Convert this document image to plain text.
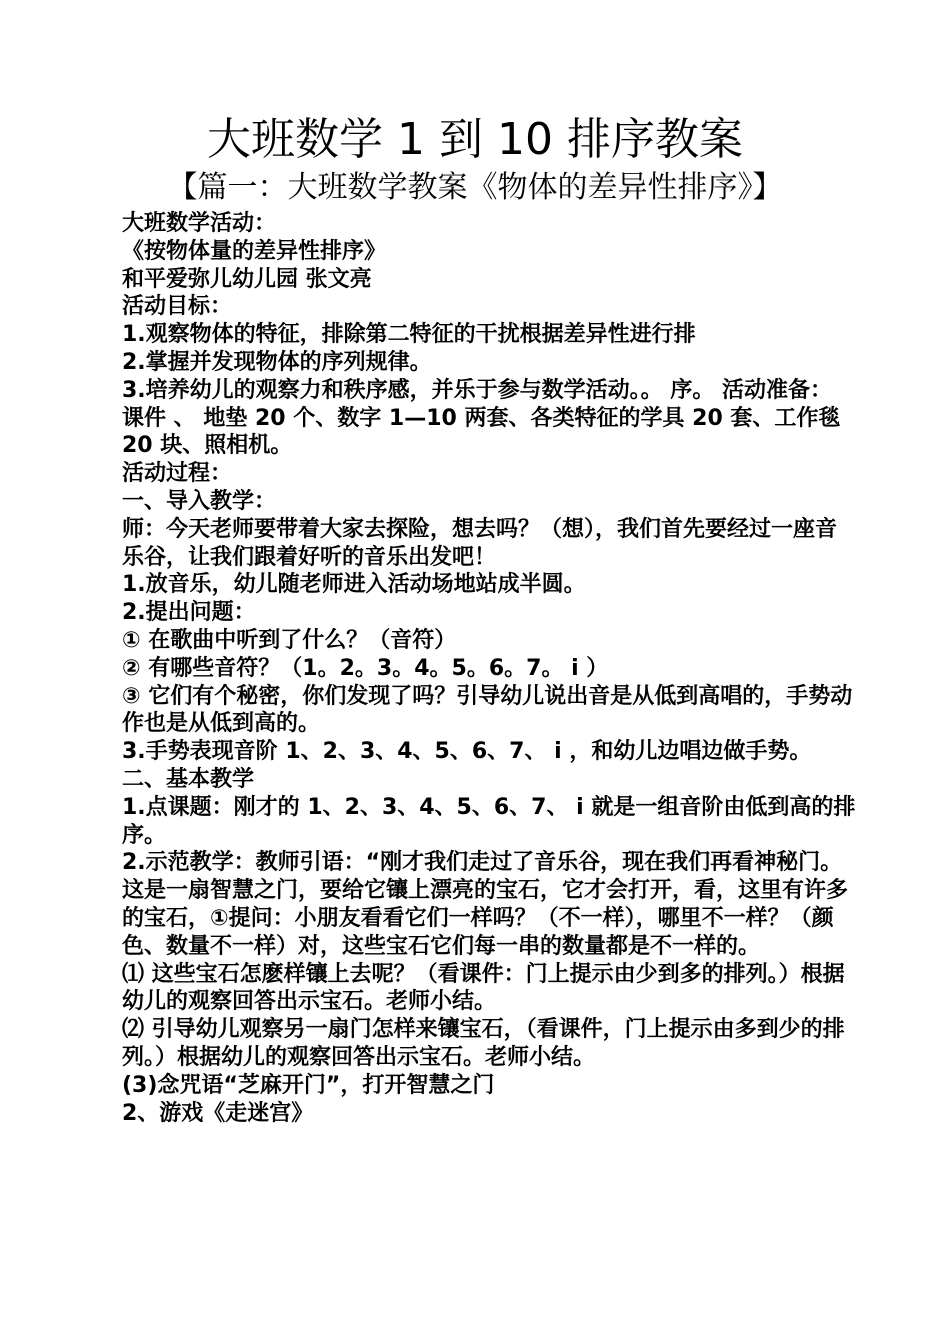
大班数学 1 到 10 排序教案
【篇一：大班数学教案《物体的差异性排序》】

大班数学活动：

《按物体量的差异性排序》

和平爱弥儿幼儿园 张文亮

活动目标：

1.观察物体的特征，排除第二特征的干扰根据差异性进行排

2.掌握并发现物体的序列规律。

3.培养幼儿的观察力和秩序感，并乐于参与数学活动。。 序。 活动准备：

课件 、 地垫 20 个、数字 1—10 两套、各类特征的学具 20 套、工作毯 20 块、照相机。

活动过程：

一、导入教学：

师：今天老师要带着大家去探险，想去吗？（想），我们首先要经过一座音乐谷，让我们跟着好听的音乐出发吧！

1.放音乐，幼儿随老师进入活动场地站成半圆。

2.提出问题：

① 在歌曲中听到了什么？（音符）

② 有哪些音符？（1。2。3。4。5。6。7。 i ）

③ 它们有个秘密，你们发现了吗？引导幼儿说出音是从低到高唱的，手势动作也是从低到高的。

3.手势表现音阶 1、2、3、4、5、6、7、 i ，和幼儿边唱边做手势。

二、基本教学

1.点课题：刚才的 1、2、3、4、5、6、7、 i 就是一组音阶由低到高的排序。

2.示范教学：教师引语：“刚才我们走过了音乐谷，现在我们再看神秘门。这是一扇智慧之门，要给它镶上漂亮的宝石，它才会打开，看，这里有许多的宝石，①提问：小朋友看看它们一样吗？（不一样），哪里不一样？（颜色、数量不一样）对，这些宝石它们每一串的数量都是不一样的。

⑴ 这些宝石怎麽样镶上去呢？（看课件：门上提示由少到多的排列。）根据幼儿的观察回答出示宝石。老师小结。

⑵ 引导幼儿观察另一扇门怎样来镶宝石，（看课件，门上提示由多到少的排列。）根据幼儿的观察回答出示宝石。老师小结。

(3)念咒语“芝麻开门”，打开智慧之门

2、游戏《走迷宫》
